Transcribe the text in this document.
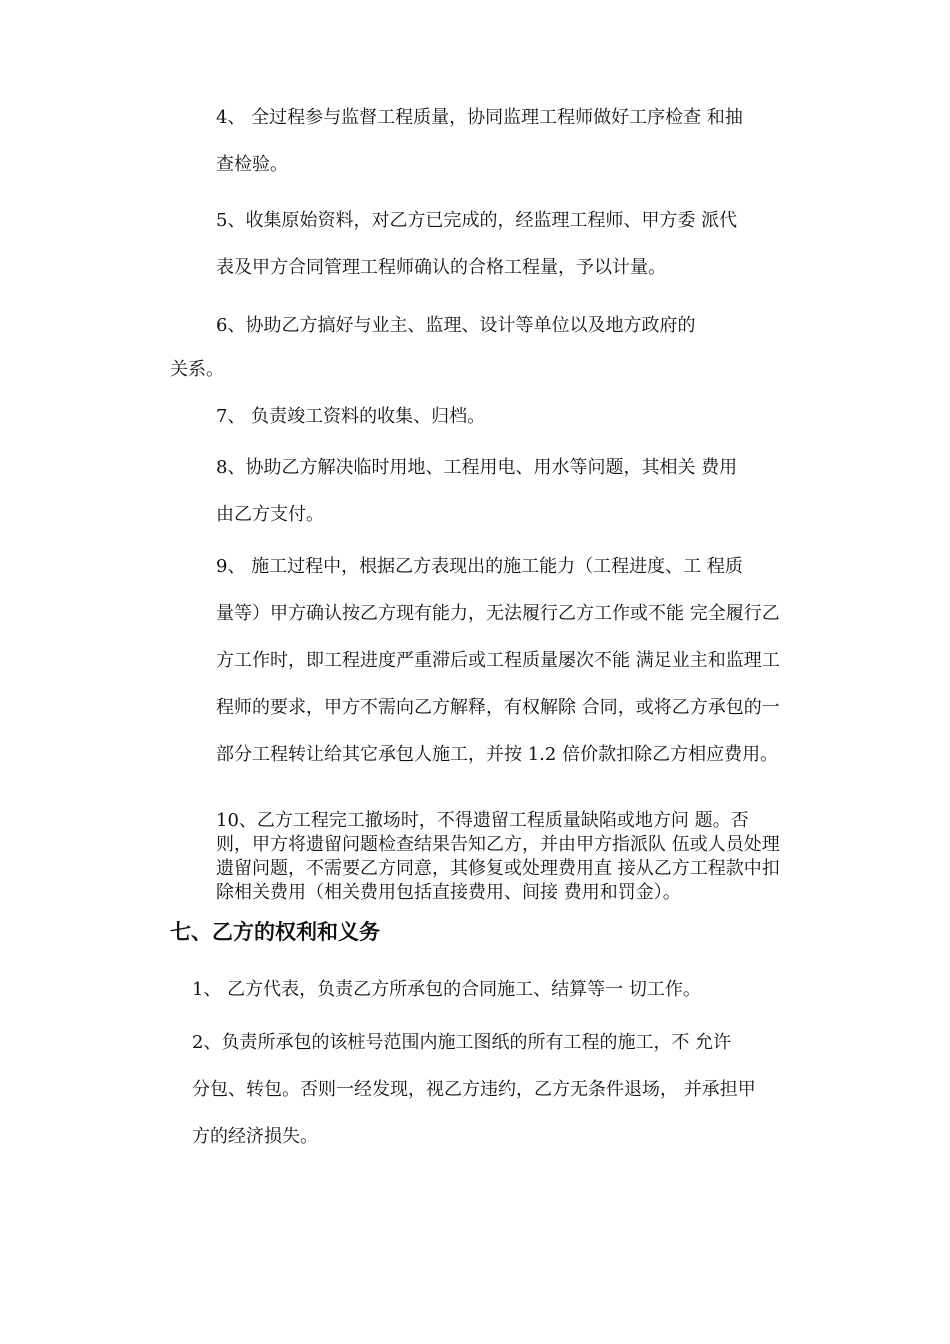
4、 全过程参与监督工程质量，协同监理工程师做好工序检查 和抽
查检验。

5、收集原始资料，对乙方已完成的，经监理工程师、甲方委 派代
表及甲方合同管理工程师确认的合格工程量，予以计量。

6、协助乙方搞好与业主、监理、设计等单位以及地方政府的
关系。

7、 负责竣工资料的收集、归档。

8、协助乙方解决临时用地、工程用电、用水等问题，其相关 费用
由乙方支付。

9、 施工过程中，根据乙方表现出的施工能力（工程进度、工 程质
量等）甲方确认按乙方现有能力，无法履行乙方工作或不能 完全履行乙
方工作时，即工程进度严重滞后或工程质量屡次不能 满足业主和监理工
程师的要求，甲方不需向乙方解释，有权解除 合同，或将乙方承包的一
部分工程转让给其它承包人施工，并按 1.2 倍价款扣除乙方相应费用。

10、乙方工程完工撤场时，不得遗留工程质量缺陷或地方问 题。否
则，甲方将遗留问题检查结果告知乙方，并由甲方指派队 伍或人员处理
遗留问题，不需要乙方同意，其修复或处理费用直 接从乙方工程款中扣
除相关费用（相关费用包括直接费用、间接 费用和罚金）。

七、乙方的权利和义务

1、 乙方代表，负责乙方所承包的合同施工、结算等一 切工作。

2、负责所承包的该桩号范围内施工图纸的所有工程的施工，不 允许
分包、转包。否则一经发现，视乙方违约，乙方无条件退场， 并承担甲
方的经济损失。
